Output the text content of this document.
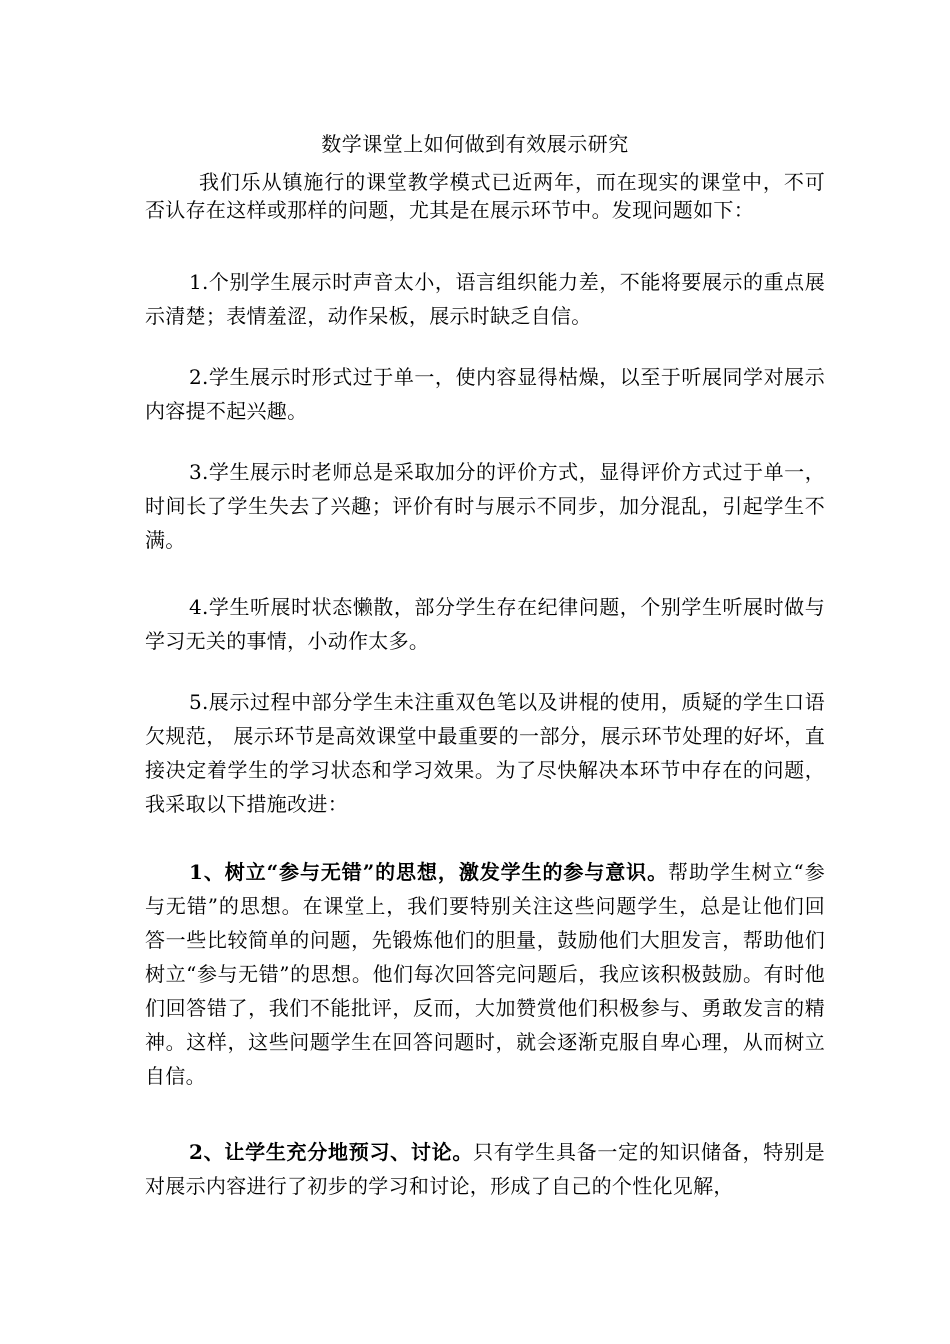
数学课堂上如何做到有效展示研究
我们乐从镇施行的课堂教学模式已近两年，而在现实的课堂中，不可否认存在这样或那样的问题，尤其是在展示环节中。发现问题如下：
1.个别学生展示时声音太小，语言组织能力差，不能将要展示的重点展示清楚；表情羞涩，动作呆板，展示时缺乏自信。
2.学生展示时形式过于单一，使内容显得枯燥，以至于听展同学对展示内容提不起兴趣。
3.学生展示时老师总是采取加分的评价方式，显得评价方式过于单一，时间长了学生失去了兴趣；评价有时与展示不同步，加分混乱，引起学生不满。
4.学生听展时状态懒散，部分学生存在纪律问题，个别学生听展时做与学习无关的事情，小动作太多。
5.展示过程中部分学生未注重双色笔以及讲棍的使用，质疑的学生口语欠规范， 展示环节是高效课堂中最重要的一部分，展示环节处理的好坏，直接决定着学生的学习状态和学习效果。为了尽快解决本环节中存在的问题，我采取以下措施改进：
1、树立“参与无错”的思想，激发学生的参与意识。帮助学生树立“参与无错”的思想。在课堂上，我们要特别关注这些问题学生，总是让他们回答一些比较简单的问题，先锻炼他们的胆量，鼓励他们大胆发言，帮助他们树立“参与无错”的思想。他们每次回答完问题后，我应该积极鼓励。有时他们回答错了，我们不能批评，反而，大加赞赏他们积极参与、勇敢发言的精神。这样，这些问题学生在回答问题时，就会逐渐克服自卑心理，从而树立自信。
2、让学生充分地预习、讨论。只有学生具备一定的知识储备，特别是对展示内容进行了初步的学习和讨论，形成了自己的个性化见解，
